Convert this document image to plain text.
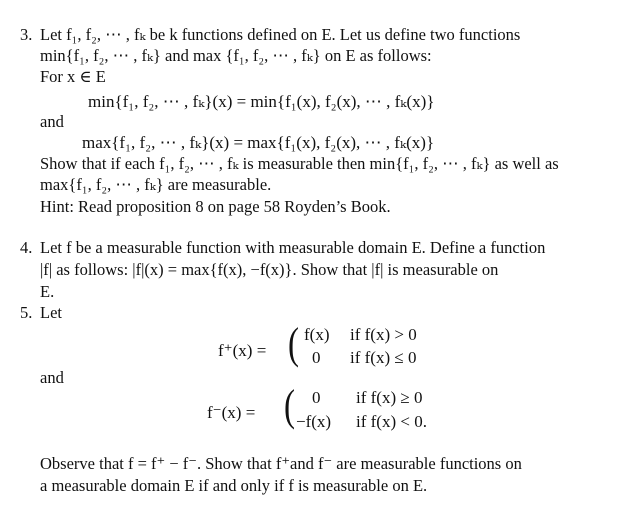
3. Let f₁, f₂, ⋯ , fₖ be k functions defined on E. Let us define two functions
min{f₁, f₂, ⋯ , fₖ} and max {f₁, f₂, ⋯ , fₖ} on E as follows:
For x ∈ E
min{f₁, f₂, ⋯ , fₖ}(x) = min{f₁(x), f₂(x), ⋯ , fₖ(x)}
and
max{f₁, f₂, ⋯ , fₖ}(x) = max{f₁(x), f₂(x), ⋯ , fₖ(x)}
Show that if each f₁, f₂, ⋯ , fₖ is measurable then min{f₁, f₂, ⋯ , fₖ} as well as
max{f₁, f₂, ⋯ , fₖ} are measurable.
Hint: Read proposition 8 on page 58 Royden’s Book.
4. Let f be a measurable function with measurable domain E. Define a function
|f| as follows: |f|(x) = max{f(x), −f(x)}. Show that |f| is measurable on
E.
5. Let
f⁺(x) = ( f(x) if f(x) > 0
0 if f(x) ≤ 0
and
f⁻(x) = ( 0 if f(x) ≥ 0
−f(x) if f(x) < 0.
Observe that f = f⁺ − f⁻. Show that f⁺and f⁻ are measurable functions on
a measurable domain E if and only if f is measurable on E.
